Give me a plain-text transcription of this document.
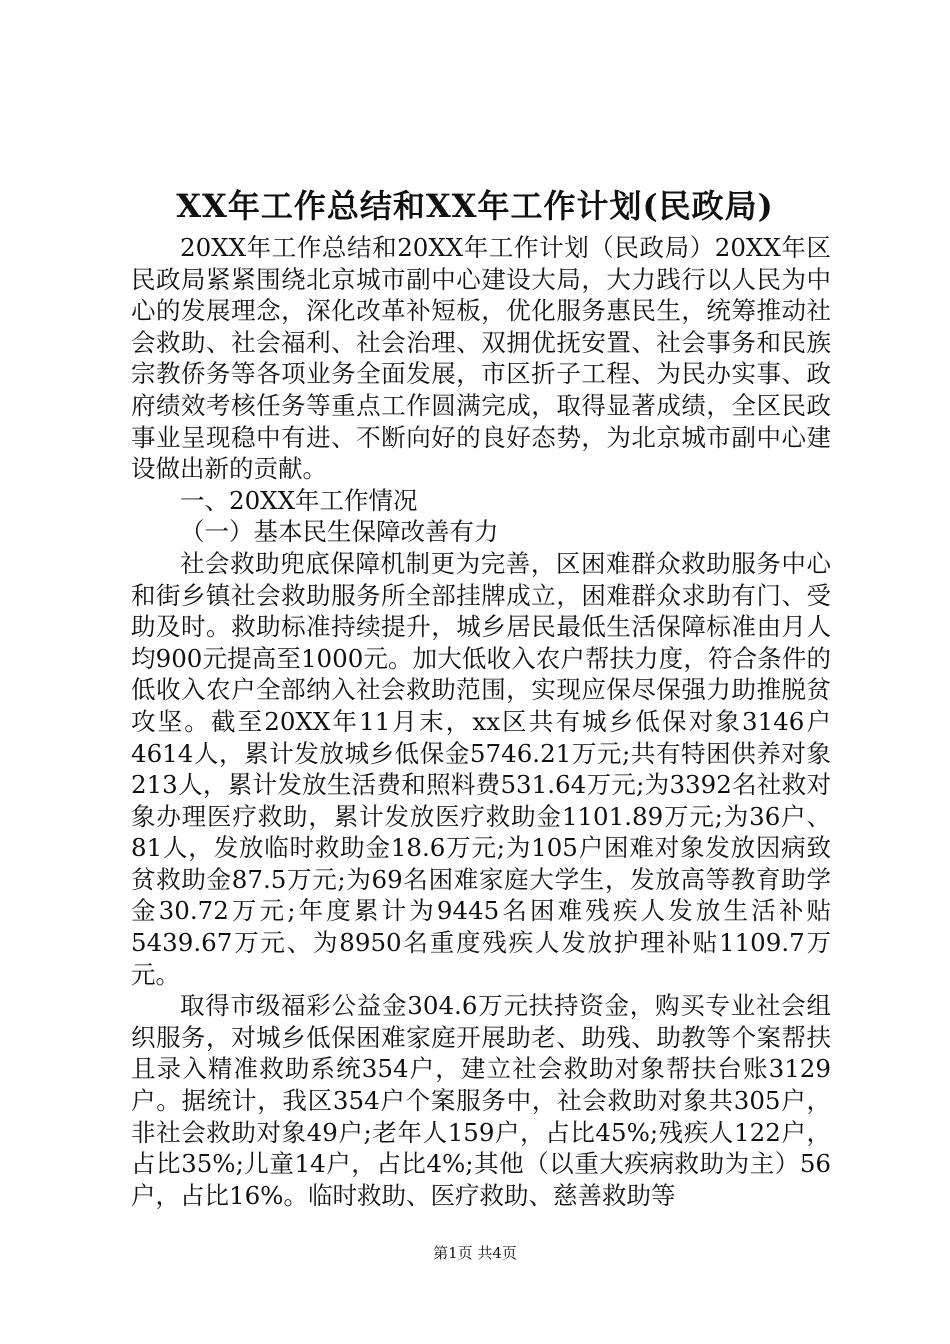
XX年工作总结和XX年工作计划(民政局)

20XX年工作总结和20XX年工作计划（民政局）20XX年区民政局紧紧围绕北京城市副中心建设大局，大力践行以人民为中心的发展理念，深化改革补短板，优化服务惠民生，统筹推动社会救助、社会福利、社会治理、双拥优抚安置、社会事务和民族宗教侨务等各项业务全面发展，市区折子工程、为民办实事、政府绩效考核任务等重点工作圆满完成，取得显著成绩，全区民政事业呈现稳中有进、不断向好的良好态势，为北京城市副中心建设做出新的贡献。

一、20XX年工作情况

（一）基本民生保障改善有力

社会救助兜底保障机制更为完善，区困难群众救助服务中心和街乡镇社会救助服务所全部挂牌成立，困难群众求助有门、受助及时。救助标准持续提升，城乡居民最低生活保障标准由月人均900元提高至1000元。加大低收入农户帮扶力度，符合条件的低收入农户全部纳入社会救助范围，实现应保尽保强力助推脱贫攻坚。截至20XX年11月末，xx区共有城乡低保对象3146户4614人，累计发放城乡低保金5746.21万元;共有特困供养对象213人，累计发放生活费和照料费531.64万元;为3392名社救对象办理医疗救助，累计发放医疗救助金1101.89万元;为36户、81人，发放临时救助金18.6万元;为105户困难对象发放因病致贫救助金87.5万元;为69名困难家庭大学生，发放高等教育助学金30.72万元;年度累计为9445名困难残疾人发放生活补贴5439.67万元、为8950名重度残疾人发放护理补贴1109.7万元。

取得市级福彩公益金304.6万元扶持资金，购买专业社会组织服务，对城乡低保困难家庭开展助老、助残、助教等个案帮扶且录入精准救助系统354户，建立社会救助对象帮扶台账3129户。据统计，我区354户个案服务中，社会救助对象共305户，非社会救助对象49户;老年人159户，占比45%;残疾人122户，占比35%;儿童14户，占比4%;其他（以重大疾病救助为主）56户，占比16%。临时救助、医疗救助、慈善救助等

第1页 共4页
